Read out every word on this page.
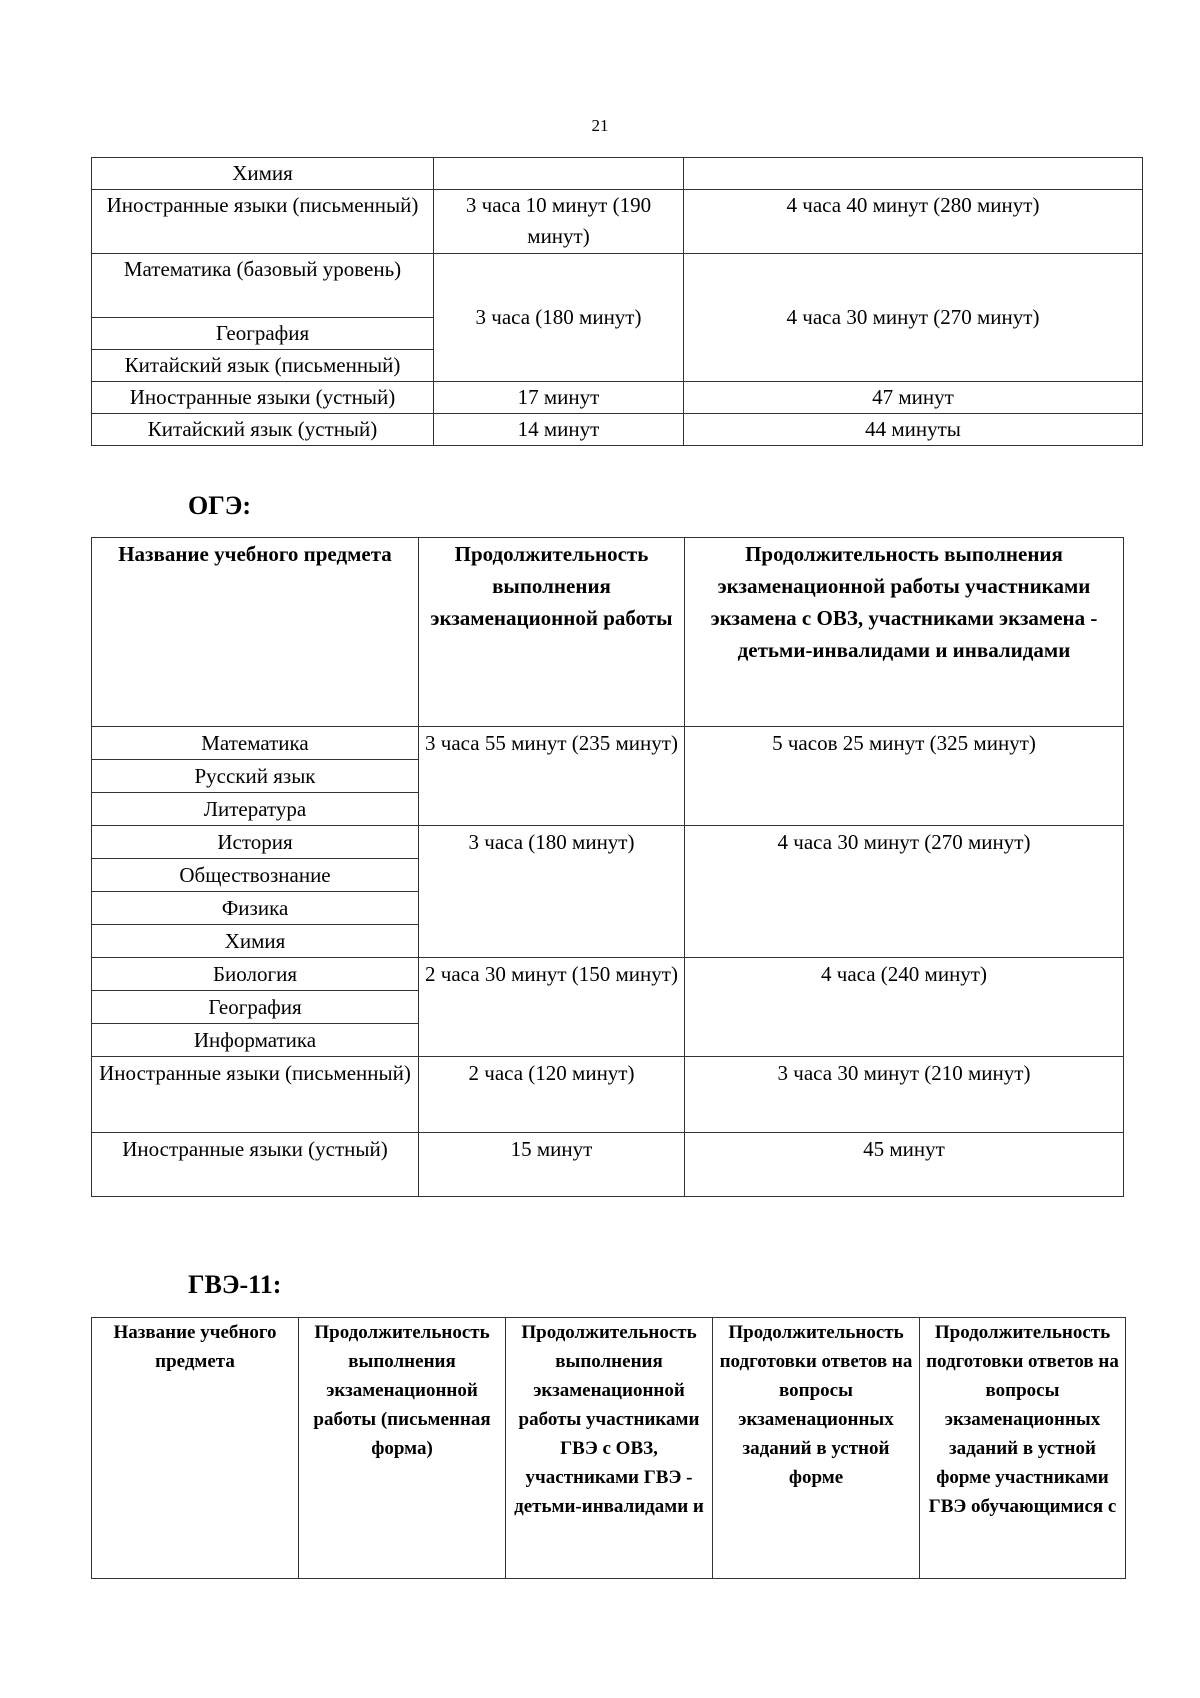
21
Химия		
Иностранные языки (письменный)	3 часа 10 минут (190 минут)	4 часа 40 минут (280 минут)
Математика (базовый уровень)	3 часа (180 минут)	4 часа 30 минут (270 минут)
География		
Китайский язык (письменный)		
Иностранные языки (устный)	17 минут	47 минут
Китайский язык (устный)	14 минут	44 минуты
ОГЭ:
Название учебного предмета	Продолжительность выполнения экзаменационной работы	Продолжительность выполнения экзаменационной работы участниками экзамена с ОВЗ, участниками экзамена - детьми-инвалидами и инвалидами
Математика	3 часа 55 минут (235 минут)	5 часов 25 минут (325 минут)
Русский язык		
Литература		
История	3 часа (180 минут)	4 часа 30 минут (270 минут)
Обществознание		
Физика		
Химия		
Биология	2 часа 30 минут (150 минут)	4 часа (240 минут)
География		
Информатика		
Иностранные языки (письменный)	2 часа (120 минут)	3 часа 30 минут (210 минут)
Иностранные языки (устный)	15 минут	45 минут
ГВЭ-11:
Название учебного предмета	Продолжительность выполнения экзаменационной работы (письменная форма)	Продолжительность выполнения экзаменационной работы участниками ГВЭ с ОВЗ, участниками ГВЭ - детьми-инвалидами и	Продолжительность подготовки ответов на вопросы экзаменационных заданий в устной форме	Продолжительность подготовки ответов на вопросы экзаменационных заданий в устной форме участниками ГВЭ обучающимися с
